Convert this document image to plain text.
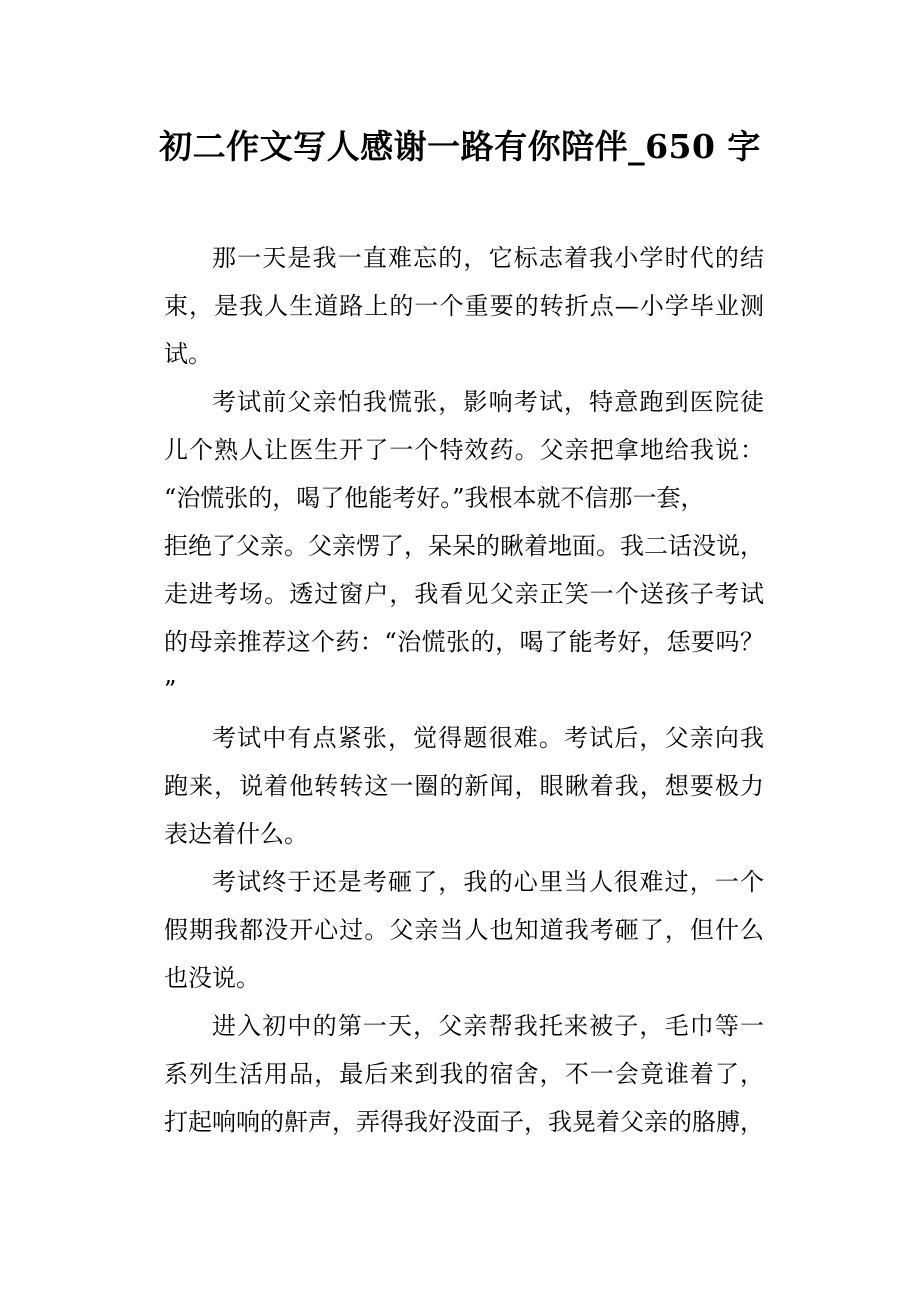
初二作文写人感谢一路有你陪伴_650 字
那一天是我一直难忘的，它标志着我小学时代的结
束，是我人生道路上的一个重要的转折点—小学毕业测
试。
考试前父亲怕我慌张，影响考试，特意跑到医院徒
儿个熟人让医生开了一个特效药。父亲把拿地给我说：
“治慌张的，喝了他能考好。”我根本就不信那一套，
拒绝了父亲。父亲愣了，呆呆的瞅着地面。我二话没说，
走进考场。透过窗户，我看见父亲正笑一个送孩子考试
的母亲推荐这个药：“治慌张的，喝了能考好，恁要吗？
”
考试中有点紧张，觉得题很难。考试后，父亲向我
跑来，说着他转转这一圈的新闻，眼瞅着我，想要极力
表达着什么。
考试终于还是考砸了，我的心里当人很难过，一个
假期我都没开心过。父亲当人也知道我考砸了，但什么
也没说。
进入初中的第一天，父亲帮我托来被子，毛巾等一
系列生活用品，最后来到我的宿舍，不一会竟谁着了，
打起响响的鼾声，弄得我好没面子，我晃着父亲的胳膊，
